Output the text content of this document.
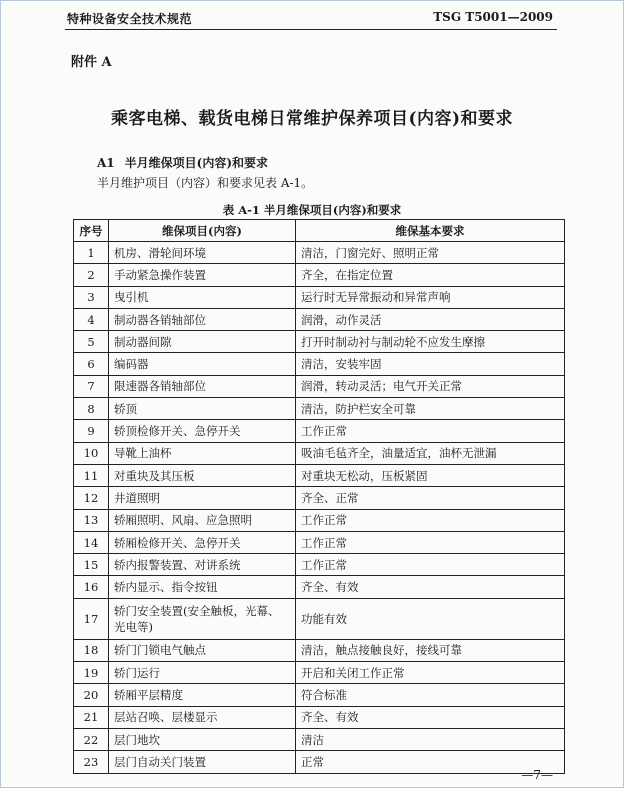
特种设备安全技术规范	TSG T5001—2009
附件 A
乘客电梯、载货电梯日常维护保养项目(内容)和要求
A1 半月维保项目(内容)和要求
半月维护项目（内容）和要求见表 A-1。
表 A-1 半月维保项目(内容)和要求
序号	维保项目(内容)	维保基本要求
1	机房、滑轮间环境	清洁，门窗完好、照明正常
2	手动紧急操作装置	齐全，在指定位置
3	曳引机	运行时无异常振动和异常声响
4	制动器各销轴部位	润滑，动作灵活
5	制动器间隙	打开时制动衬与制动轮不应发生摩擦
6	编码器	清洁，安装牢固
7	限速器各销轴部位	润滑，转动灵活；电气开关正常
8	轿顶	清洁，防护栏安全可靠
9	轿顶检修开关、急停开关	工作正常
10	导靴上油杯	吸油毛毡齐全，油量适宜，油杯无泄漏
11	对重块及其压板	对重块无松动，压板紧固
12	井道照明	齐全、正常
13	轿厢照明、风扇、应急照明	工作正常
14	轿厢检修开关、急停开关	工作正常
15	轿内报警装置、对讲系统	工作正常
16	轿内显示、指令按钮	齐全、有效
17	轿门安全装置(安全触板，光幕、光电等)	功能有效
18	轿门门锁电气触点	清洁，触点接触良好，接线可靠
19	轿门运行	开启和关闭工作正常
20	轿厢平层精度	符合标准
21	层站召唤、层楼显示	齐全、有效
22	层门地坎	清洁
23	层门自动关门装置	正常
—7—
